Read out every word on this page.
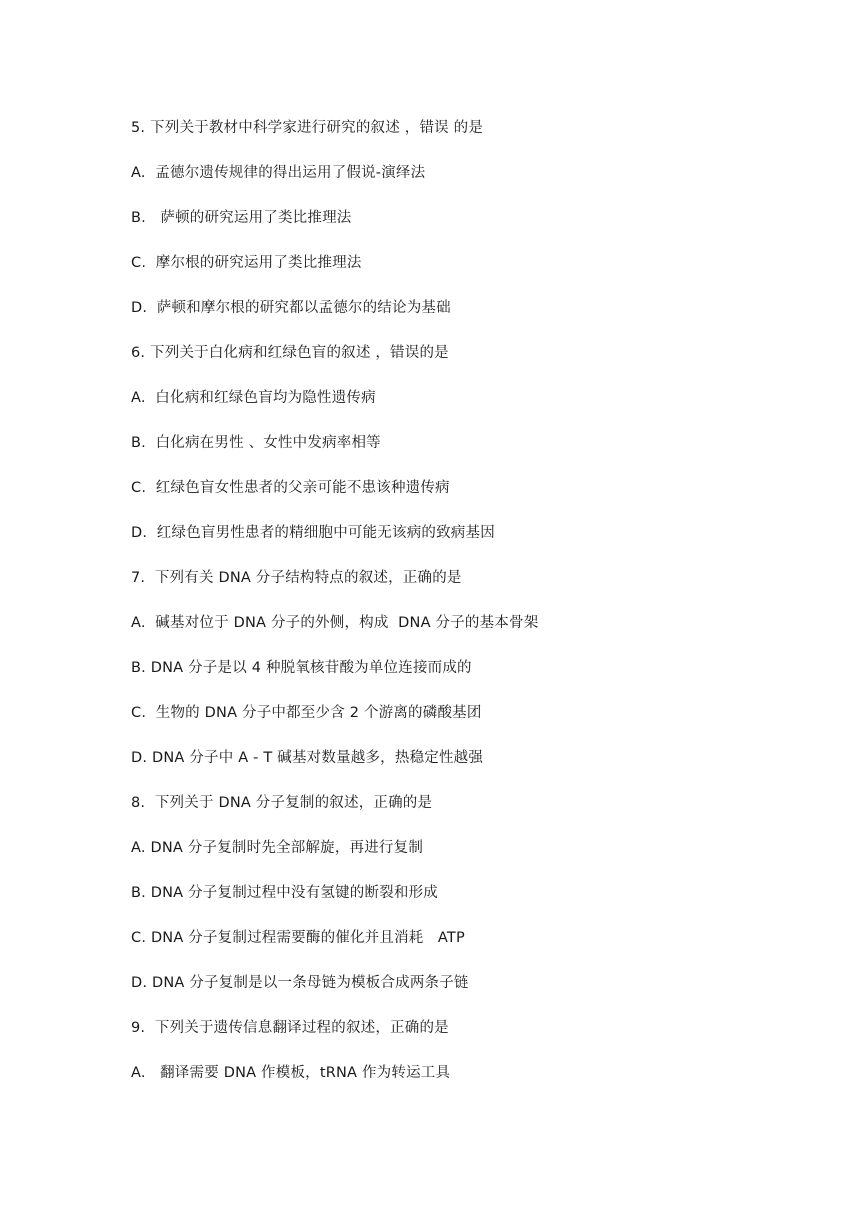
5. 下列关于教材中科学家进行研究的叙述 ，错误 的是
A.  孟德尔遗传规律的得出运用了假说-演绎法
B.   萨顿的研究运用了类比推理法
C.  摩尔根的研究运用了类比推理法
D.  萨顿和摩尔根的研究都以孟德尔的结论为基础
6. 下列关于白化病和红绿色盲的叙述 ，错误的是
A.  白化病和红绿色盲均为隐性遗传病
B.  白化病在男性 、女性中发病率相等
C.  红绿色盲女性患者的父亲可能不患该种遗传病
D.  红绿色盲男性患者的精细胞中可能无该病的致病基因
7.  下列有关 DNA 分子结构特点的叙述，正确的是
A.  碱基对位于 DNA 分子的外侧，构成  DNA 分子的基本骨架
B. DNA 分子是以 4 种脱氧核苷酸为单位连接而成的
C.  生物的 DNA 分子中都至少含 2 个游离的磷酸基团
D. DNA 分子中 A - T 碱基对数量越多，热稳定性越强
8.  下列关于 DNA 分子复制的叙述，正确的是
A. DNA 分子复制时先全部解旋，再进行复制
B. DNA 分子复制过程中没有氢键的断裂和形成
C. DNA 分子复制过程需要酶的催化并且消耗   ATP
D. DNA 分子复制是以一条母链为模板合成两条子链
9.  下列关于遗传信息翻译过程的叙述，正确的是
A.   翻译需要 DNA 作模板，tRNA 作为转运工具
